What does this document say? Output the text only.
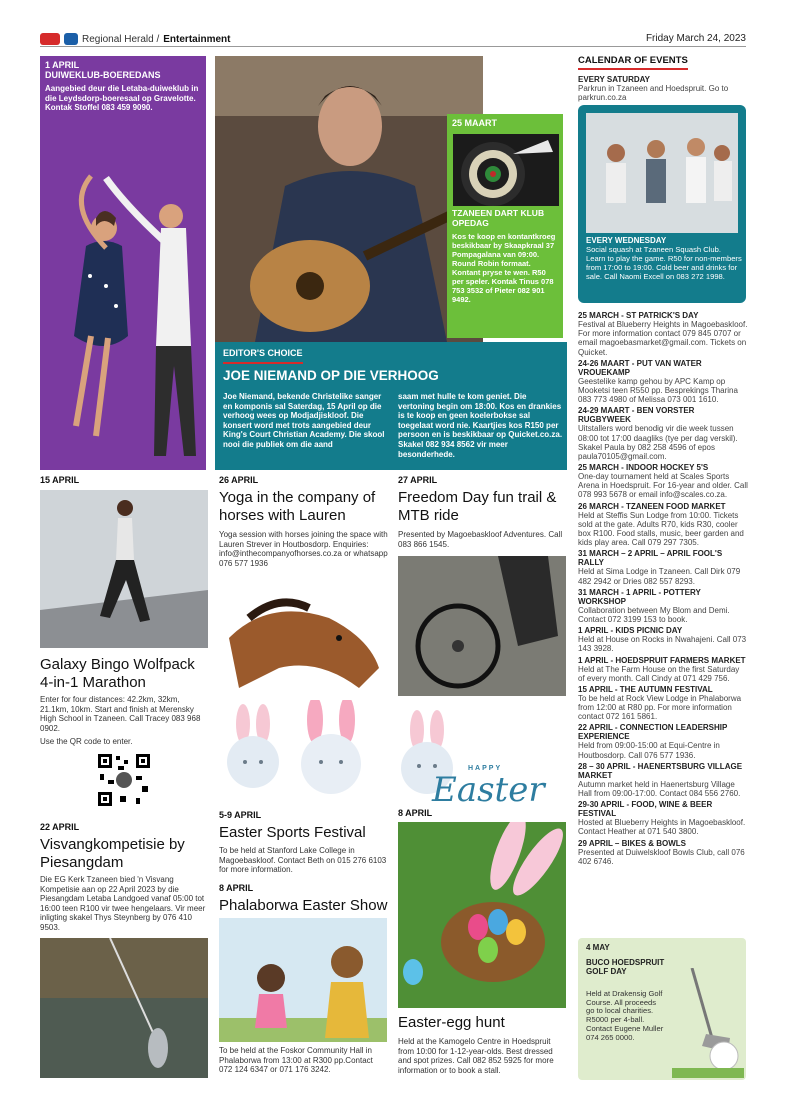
Regional Herald / Entertainment	Friday March 24, 2023
1 APRIL
DUIWEKLUB-BOEREDANS
Aangebied deur die Letaba-duiweklub in die Leydsdorp-boeresaal op Gravelotte. Kontak Stoffel 083 459 9090.
25 MAART
TZANEEN DART KLUB OPEDAG
Kos te koop en kontantkroeg beskikbaar by Skaapkraal 37 Pompagalana van 09:00. Round Robin formaat. Kontant pryse te wen. R50 per speler. Kontak Tinus 078 753 3532 of Pieter 082 901 9492.
EDITOR'S CHOICE
JOE NIEMAND OP DIE VERHOOG
Joe Niemand, bekende Christelike sanger en komponis sal Saterdag, 15 April op die verhoog wees op Modjadjiskloof. Die konsert word met trots aangebied deur King's Court Christian Academy. Die skool nooi die publiek om die aand
saam met hulle te kom geniet. Die vertoning begin om 18:00. Kos en drankies is te koop en geen koelerbokse sal toegelaat word nie. Kaartjies kos R150 per persoon en is beskikbaar op Quicket.co.za. Skakel 082 934 8562 vir meer besonderhede.
15 APRIL
Galaxy Bingo Wolfpack 4-in-1 Marathon
Enter for four distances: 42.2km, 32km, 21.1km, 10km. Start and finish at Merensky High School in Tzaneen. Call Tracey 083 968 0902.
Use the QR code to enter.
22 APRIL
Visvangkompetisie by Piesangdam
Die EG Kerk Tzaneen bied 'n Visvang Kompetisie aan op 22 April 2023 by die Piesangdam Letaba Landgoed vanaf 05:00 tot 16:00 teen R100 vir twee hengelaars. Vir meer inligting skakel Thys Steynberg by 076 410 9503.
26 APRIL
Yoga in the company of horses with Lauren
Yoga session with horses joining the space with Lauren Strever in Houtbosdorp. Enquiries: info@inthecompanyofhorses.co.za or whatsapp 076 577 1936
HAPPY
Easter
5-9 APRIL
Easter Sports Festival
To be held at Stanford Lake College in Magoebaskloof. Contact Beth on 015 276 6103 for more information.
8 APRIL
Phalaborwa Easter Show
To be held at the Foskor Community Hall in Phalaborwa from 13:00 at R300 pp.Contact 072 124 6347 or 071 176 3242.
27 APRIL
Freedom Day fun trail & MTB ride
Presented by Magoebaskloof Adventures. Call 083 866 1545.
8 APRIL
Easter-egg hunt
Held at the Kamogelo Centre in Hoedspruit from 10:00 for 1-12-year-olds. Best dressed and spot prizes. Call 082 852 5925 for more information or to book a stall.
CALENDAR OF EVENTS
EVERY SATURDAY
Parkrun in Tzaneen and Hoedspruit. Go to parkrun.co.za
EVERY WEDNESDAY
Social squash at Tzaneen Squash Club. Learn to play the game. R50 for non-members from 17:00 to 19:00. Cold beer and drinks for sale. Call Naomi Excell on 083 272 1998.
25 MARCH - ST PATRICK'S DAY
Festival at Blueberry Heights in Magoebaskloof. For more information contact 079 845 0707 or email magoebasmarket@gmail.com. Tickets on Quicket.
24-26 MAART - PUT VAN WATER VROUEKAMP
Geestelike kamp gehou by APC Kamp op Mooketsi teen R550 pp. Besprekings Tharina 083 773 4980 of Melissa 073 001 1610.
24-29 MAART - BEN VORSTER RUGBYWEEK
Uitstallers word benodig vir die week tussen 08:00 tot 17:00 daagliks (tye per dag verskil). Skakel Paula by 082 258 4596 of epos paula70105@gmail.com.
25 MARCH - INDOOR HOCKEY 5'S
One-day tournament held at Scales Sports Arena in Hoedspruit. For 16-year and older. Call 078 993 5678 or email info@scales.co.za.
26 MARCH - TZANEEN FOOD MARKET
Held at Steffis Sun Lodge from 10:00. Tickets sold at the gate. Adults R70, kids R30, cooler box R100. Food stalls, music, beer garden and kids play area. Call 079 297 7305.
31 MARCH – 2 APRIL – APRIL FOOL'S RALLY
Held at Sima Lodge in Tzaneen. Call Dirk 079 482 2942 or Dries 082 557 8293.
31 MARCH - 1 APRIL - POTTERY WORKSHOP
Collaboration between My Blom and Demi. Contact 072 3199 153 to book.
1 APRIL - KIDS PICNIC DAY
Held at House on Rocks in Nwahajeni. Call 073 143 3928.
1 APRIL - HOEDSPRUIT FARMERS MARKET
Held at The Farm House on the first Saturday of every month. Call Cindy at 071 429 756.
15 APRIL - THE AUTUMN FESTIVAL
To be held at Rock View Lodge in Phalaborwa from 12:00 at R80 pp. For more information contact 072 161 5861.
22 APRIL - CONNECTION LEADERSHIP EXPERIENCE
Held from 09:00-15:00 at Equi-Centre in Houtbosdorp. Call 076 577 1936.
28 – 30 APRIL - HAENERTSBURG VILLAGE MARKET
Autumn market held in Haenertsburg Village Hall from 09:00-17:00. Contact 084 556 2760.
29-30 APRIL - FOOD, WINE & BEER FESTIVAL
Hosted at Blueberry Heights in Magoebaskloof. Contact Heather at 071 540 3800.
29 APRIL – BIKES & BOWLS
Presented at Duiwelskloof Bowls Club, call 076 402 6746.
4 MAY
BUCO HOEDSPRUIT GOLF DAY
Held at Drakensig Golf Course. All proceeds go to local charities. R5000 per 4-ball. Contact Eugene Muller 074 265 0000.
